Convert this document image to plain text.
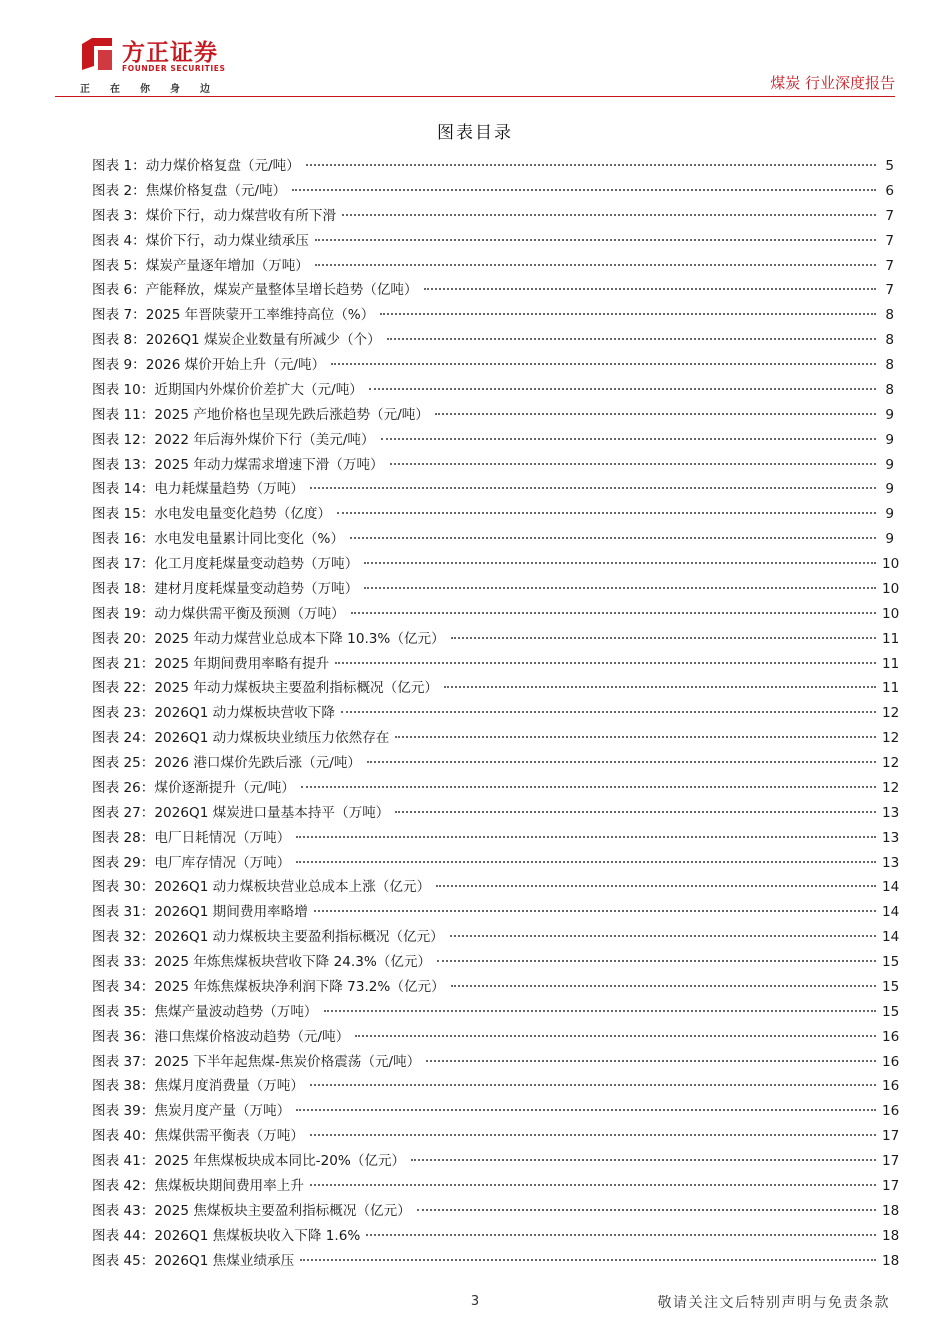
方正证券
FOUNDER SECURITIES
正在你身边	煤炭 行业深度报告
图表目录
图表 1：动力煤价格复盘（元/吨）	5
图表 2：焦煤价格复盘（元/吨）	6
图表 3：煤价下行，动力煤营收有所下滑	7
图表 4：煤价下行，动力煤业绩承压	7
图表 5：煤炭产量逐年增加（万吨）	7
图表 6：产能释放，煤炭产量整体呈增长趋势（亿吨）	7
图表 7：2025 年晋陕蒙开工率维持高位（%）	8
图表 8：2026Q1 煤炭企业数量有所减少（个）	8
图表 9：2026 煤价开始上升（元/吨）	8
图表 10：近期国内外煤价价差扩大（元/吨）	8
图表 11：2025 产地价格也呈现先跌后涨趋势（元/吨）	9
图表 12：2022 年后海外煤价下行（美元/吨）	9
图表 13：2025 年动力煤需求增速下滑（万吨）	9
图表 14：电力耗煤量趋势（万吨）	9
图表 15：水电发电量变化趋势（亿度）	9
图表 16：水电发电量累计同比变化（%）	9
图表 17：化工月度耗煤量变动趋势（万吨）	10
图表 18：建材月度耗煤量变动趋势（万吨）	10
图表 19：动力煤供需平衡及预测（万吨）	10
图表 20：2025 年动力煤营业总成本下降 10.3%（亿元）	11
图表 21：2025 年期间费用率略有提升	11
图表 22：2025 年动力煤板块主要盈利指标概况（亿元）	11
图表 23：2026Q1 动力煤板块营收下降	12
图表 24：2026Q1 动力煤板块业绩压力依然存在	12
图表 25：2026 港口煤价先跌后涨（元/吨）	12
图表 26：煤价逐渐提升（元/吨）	12
图表 27：2026Q1 煤炭进口量基本持平（万吨）	13
图表 28：电厂日耗情况（万吨）	13
图表 29：电厂库存情况（万吨）	13
图表 30：2026Q1 动力煤板块营业总成本上涨（亿元）	14
图表 31：2026Q1 期间费用率略增	14
图表 32：2026Q1 动力煤板块主要盈利指标概况（亿元）	14
图表 33：2025 年炼焦煤板块营收下降 24.3%（亿元）	15
图表 34：2025 年炼焦煤板块净利润下降 73.2%（亿元）	15
图表 35：焦煤产量波动趋势（万吨）	15
图表 36：港口焦煤价格波动趋势（元/吨）	16
图表 37：2025 下半年起焦煤-焦炭价格震荡（元/吨）	16
图表 38：焦煤月度消费量（万吨）	16
图表 39：焦炭月度产量（万吨）	16
图表 40：焦煤供需平衡表（万吨）	17
图表 41：2025 年焦煤板块成本同比-20%（亿元）	17
图表 42：焦煤板块期间费用率上升	17
图表 43：2025 焦煤板块主要盈利指标概况（亿元）	18
图表 44：2026Q1 焦煤板块收入下降 1.6%	18
图表 45：2026Q1 焦煤业绩承压	18
3	敬请关注文后特别声明与免责条款
